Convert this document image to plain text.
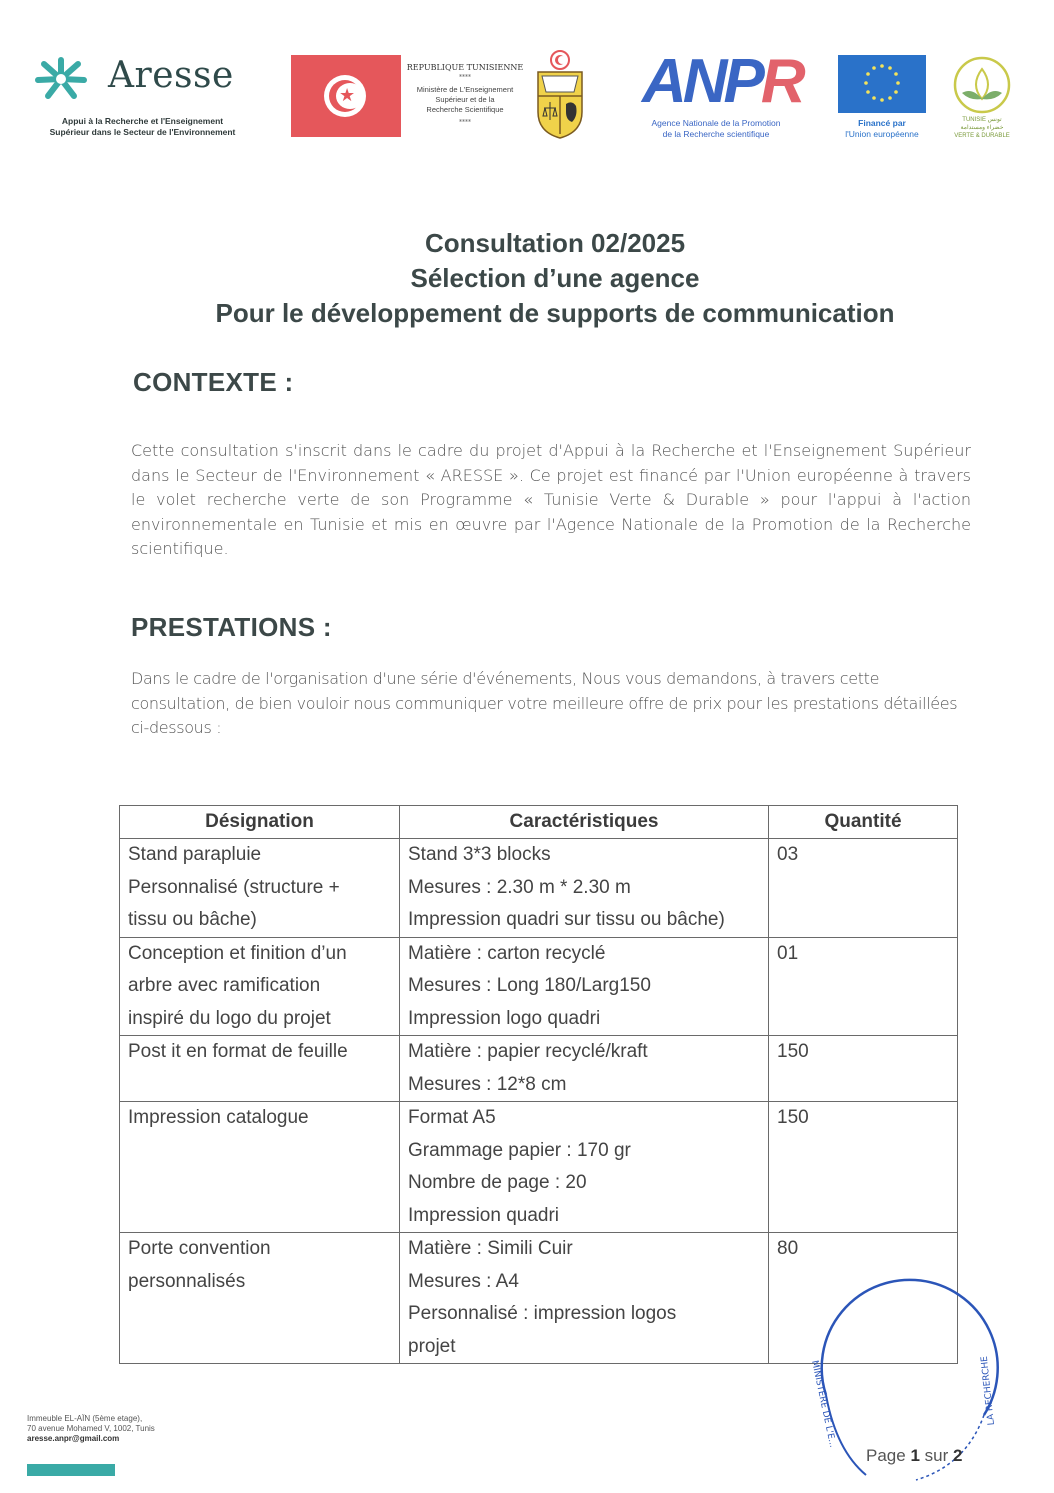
Aresse
Appui à la Recherche et l'Enseignement
Supérieur dans le Secteur de l'Environnement
★
REPUBLIQUE TUNISIENNE
****
Ministère de L'Enseignement
Supérieur et de la
Recherche Scientifique
****
ANPR
Agence Nationale de la Promotion
de la Recherche scientifique
Financé par
l'Union européenne
TUNISIE تونس
خضراء ومستدامة
VERTE & DURABLE
Consultation 02/2025
Sélection d’une agence
Pour le développement de supports de communication
CONTEXTE :
Cette consultation s'inscrit dans le cadre du projet d'Appui à la Recherche et l'Enseignement Supérieur dans le Secteur de l'Environnement « ARESSE ». Ce projet est financé par l'Union européenne à travers le volet recherche verte de son Programme « Tunisie Verte & Durable » pour l'appui à l'action environnementale en Tunisie et mis en œuvre par l'Agence Nationale de la Promotion de la Recherche scientifique.
PRESTATIONS :
Dans le cadre de l'organisation d'une série d'événements, Nous vous demandons, à travers cette consultation, de bien vouloir nous communiquer votre meilleure offre de prix pour les prestations détaillées ci-dessous :
Désignation	Caractéristiques	Quantité

Stand parapluie
Personnalisé (structure +
tissu ou bâche)	Stand 3*3 blocks
Mesures : 2.30 m * 2.30 m
Impression quadri sur tissu ou bâche)	03

Conception et finition d’un
arbre avec ramification
inspiré du logo du projet	Matière : carton recyclé
Mesures : Long 180/Larg150
Impression logo quadri	01

Post it en format de feuille	Matière : papier recyclé/kraft
Mesures : 12*8 cm	150

Impression catalogue	Format A5
Grammage papier : 170 gr
Nombre de page : 20
Impression quadri	150

Porte convention
personnalisés	Matière : Simili Cuir
Mesures : A4
Personnalisé : impression logos
projet	80
MINISTERE DE L'E...	LA RECHERCHE
Immeuble EL-AÏN (5ème etage),
70 avenue Mohamed V, 1002, Tunis
aresse.anpr@gmail.com
Page 1 sur 2
